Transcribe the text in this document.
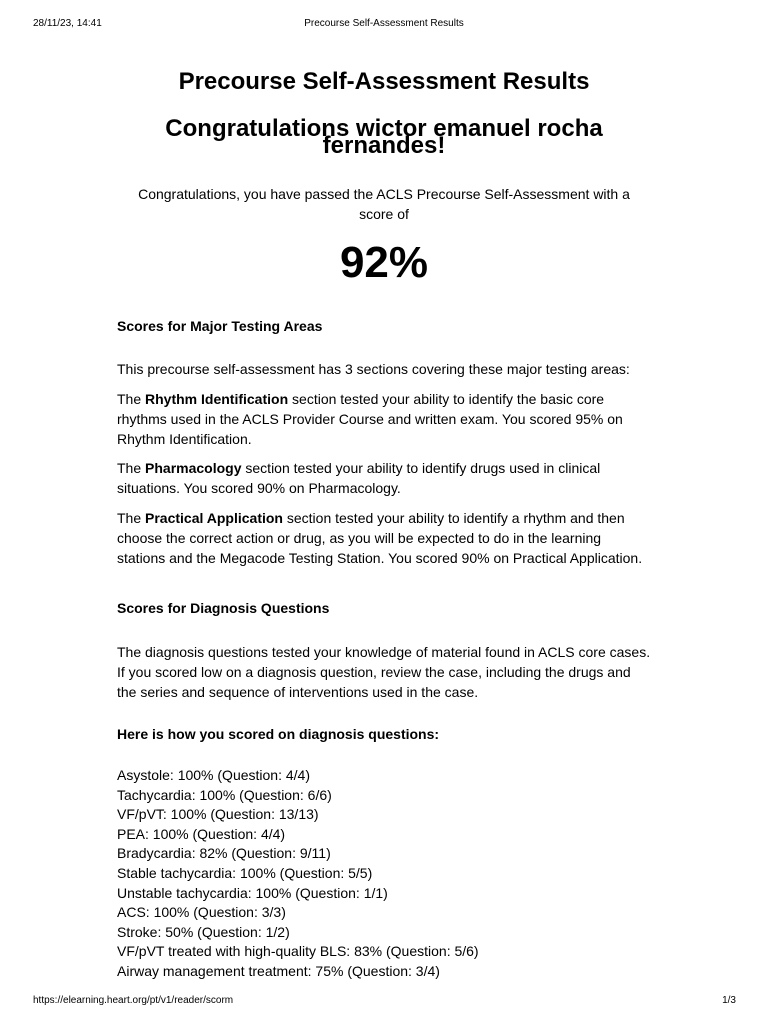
28/11/23, 14:41	Precourse Self-Assessment Results
Precourse Self-Assessment Results
Congratulations wictor emanuel rocha fernandes!

Congratulations, you have passed the ACLS Precourse Self-Assessment with a score of

92%
Scores for Major Testing Areas

This precourse self-assessment has 3 sections covering these major testing areas:

The Rhythm Identification section tested your ability to identify the basic core rhythms used in the ACLS Provider Course and written exam. You scored 95% on Rhythm Identification.

The Pharmacology section tested your ability to identify drugs used in clinical situations. You scored 90% on Pharmacology.

The Practical Application section tested your ability to identify a rhythm and then choose the correct action or drug, as you will be expected to do in the learning stations and the Megacode Testing Station. You scored 90% on Practical Application.

Scores for Diagnosis Questions

The diagnosis questions tested your knowledge of material found in ACLS core cases. If you scored low on a diagnosis question, review the case, including the drugs and the series and sequence of interventions used in the case.

Here is how you scored on diagnosis questions:
Asystole: 100% (Question: 4/4)
Tachycardia: 100% (Question: 6/6)
VF/pVT: 100% (Question: 13/13)
PEA: 100% (Question: 4/4)
Bradycardia: 82% (Question: 9/11)
Stable tachycardia: 100% (Question: 5/5)
Unstable tachycardia: 100% (Question: 1/1)
ACS: 100% (Question: 3/3)
Stroke: 50% (Question: 1/2)
VF/pVT treated with high-quality BLS: 83% (Question: 5/6)
Airway management treatment: 75% (Question: 3/4)
https://elearning.heart.org/pt/v1/reader/scorm	1/3
